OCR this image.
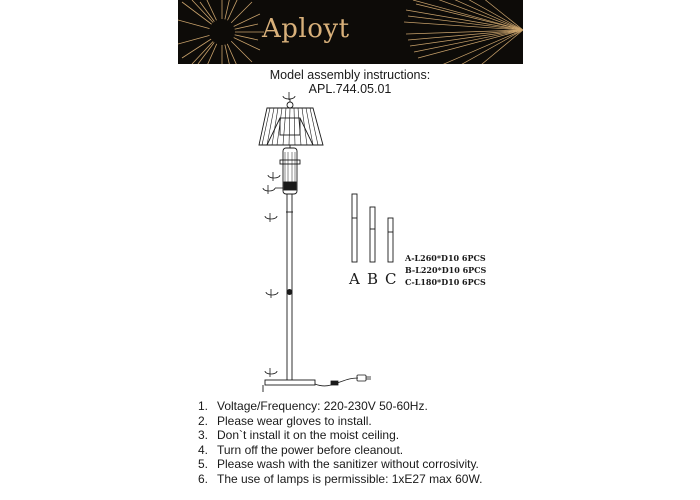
Aployt
Model assembly instructions:
APL.744.05.01
A B C
A-L260*D10 6PCS
B-L220*D10 6PCS
C-L180*D10 6PCS
1. Voltage/Frequency: 220-230V 50-60Hz.
2. Please wear gloves to install.
3. Don`t install it on the moist ceiling.
4. Turn off the power before cleanout.
5. Please wash with the sanitizer without corrosivity.
6. The use of lamps is permissible: 1xE27 max 60W.
